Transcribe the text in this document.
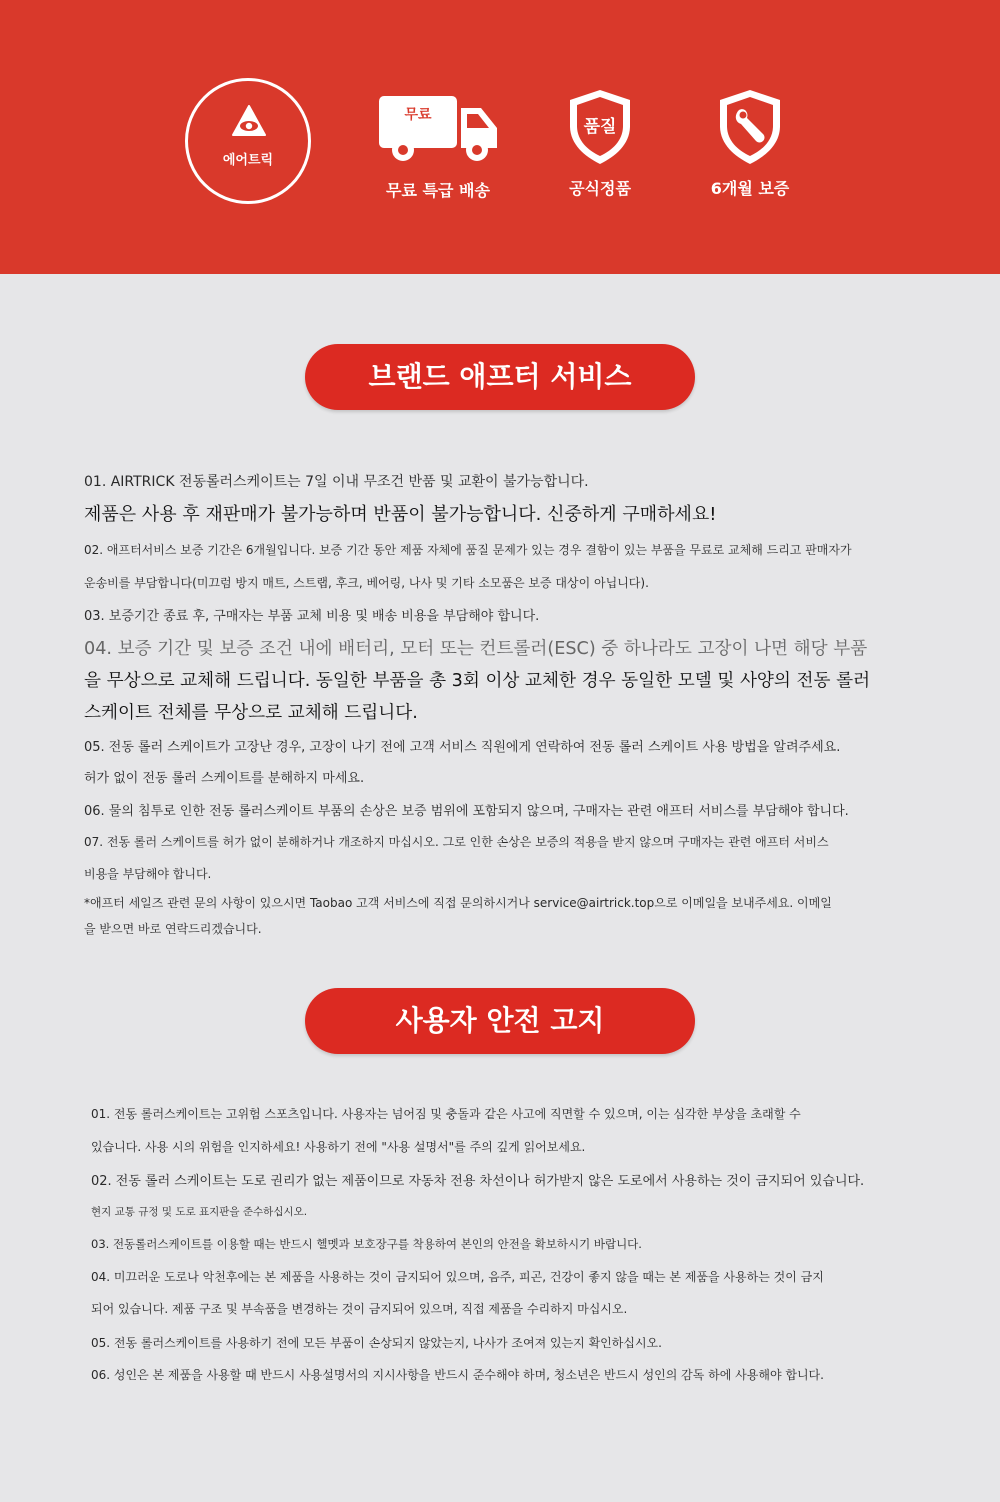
에어트릭
무료
무료 특급 배송
품질
공식정품	6개월 보증
브랜드 애프터 서비스
01. AIRTRICK 전동롤러스케이트는 7일 이내 무조건 반품 및 교환이 불가능합니다.
제품은 사용 후 재판매가 불가능하며 반품이 불가능합니다. 신중하게 구매하세요!
02. 애프터서비스 보증 기간은 6개월입니다. 보증 기간 동안 제품 자체에 품질 문제가 있는 경우 결함이 있는 부품을 무료로 교체해 드리고 판매자가
운송비를 부담합니다(미끄럼 방지 매트, 스트랩, 후크, 베어링, 나사 및 기타 소모품은 보증 대상이 아닙니다).
03. 보증기간 종료 후, 구매자는 부품 교체 비용 및 배송 비용을 부담해야 합니다.
04. 보증 기간 및 보증 조건 내에 배터리, 모터 또는 컨트롤러(ESC) 중 하나라도 고장이 나면 해당 부품
을 무상으로 교체해 드립니다. 동일한 부품을 총 3회 이상 교체한 경우 동일한 모델 및 사양의 전동 롤러
스케이트 전체를 무상으로 교체해 드립니다.
05. 전동 롤러 스케이트가 고장난 경우, 고장이 나기 전에 고객 서비스 직원에게 연락하여 전동 롤러 스케이트 사용 방법을 알려주세요.
허가 없이 전동 롤러 스케이트를 분해하지 마세요.
06. 물의 침투로 인한 전동 롤러스케이트 부품의 손상은 보증 범위에 포함되지 않으며, 구매자는 관련 애프터 서비스를 부담해야 합니다.
07. 전동 롤러 스케이트를 허가 없이 분해하거나 개조하지 마십시오. 그로 인한 손상은 보증의 적용을 받지 않으며 구매자는 관련 애프터 서비스
비용을 부담해야 합니다.
*애프터 세일즈 관련 문의 사항이 있으시면 Taobao 고객 서비스에 직접 문의하시거나 service@airtrick.top으로 이메일을 보내주세요. 이메일
을 받으면 바로 연락드리겠습니다.
사용자 안전 고지
01. 전동 롤러스케이트는 고위험 스포츠입니다. 사용자는 넘어짐 및 충돌과 같은 사고에 직면할 수 있으며, 이는 심각한 부상을 초래할 수
있습니다. 사용 시의 위험을 인지하세요! 사용하기 전에 "사용 설명서"를 주의 깊게 읽어보세요.
02. 전동 롤러 스케이트는 도로 권리가 없는 제품이므로 자동차 전용 차선이나 허가받지 않은 도로에서 사용하는 것이 금지되어 있습니다.
현지 교통 규정 및 도로 표지판을 준수하십시오.
03. 전동롤러스케이트를 이용할 때는 반드시 헬멧과 보호장구를 착용하여 본인의 안전을 확보하시기 바랍니다.
04. 미끄러운 도로나 악천후에는 본 제품을 사용하는 것이 금지되어 있으며, 음주, 피곤, 건강이 좋지 않을 때는 본 제품을 사용하는 것이 금지
되어 있습니다. 제품 구조 및 부속품을 변경하는 것이 금지되어 있으며, 직접 제품을 수리하지 마십시오.
05. 전동 롤러스케이트를 사용하기 전에 모든 부품이 손상되지 않았는지, 나사가 조여져 있는지 확인하십시오.
06. 성인은 본 제품을 사용할 때 반드시 사용설명서의 지시사항을 반드시 준수해야 하며, 청소년은 반드시 성인의 감독 하에 사용해야 합니다.
